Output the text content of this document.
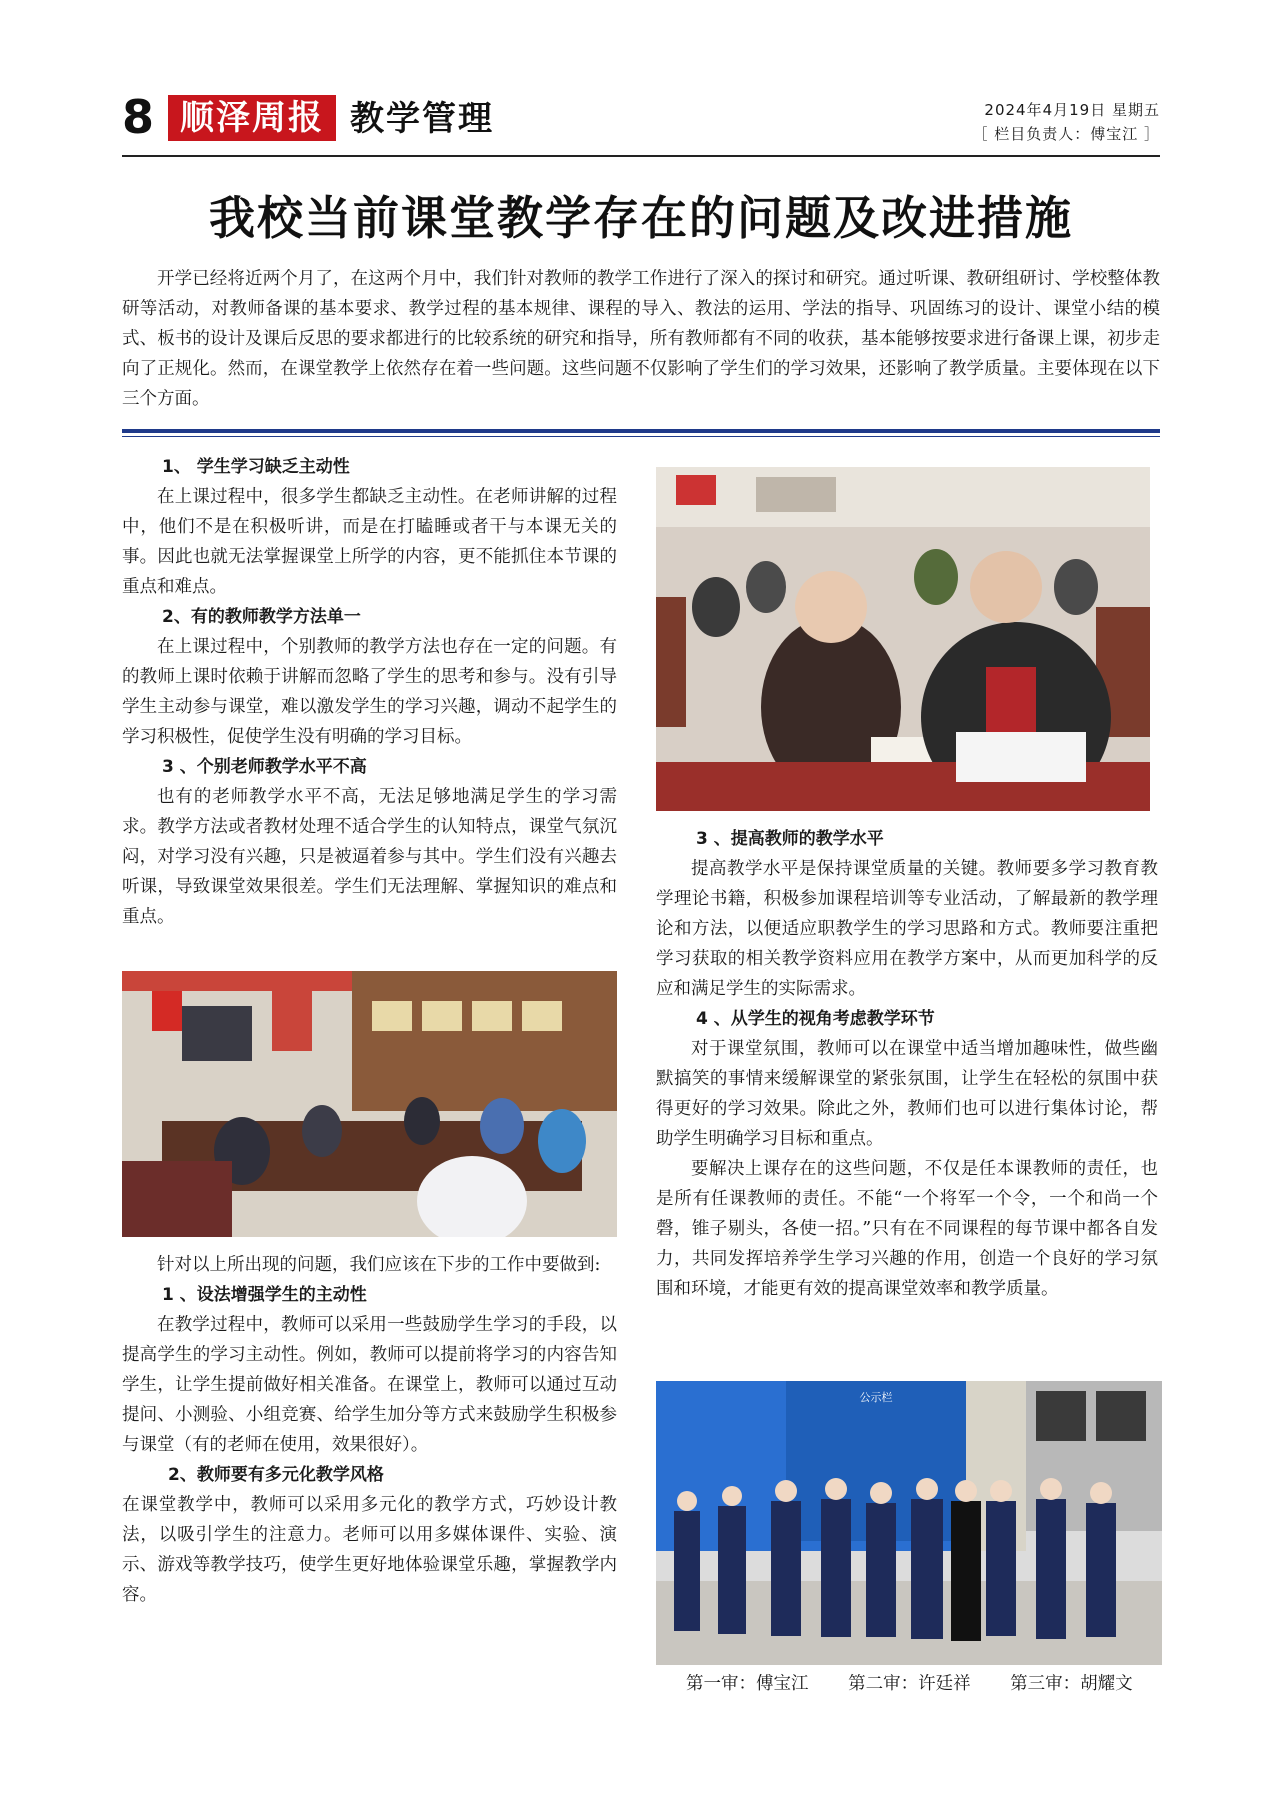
8 顺泽周报 教学管理	2024年4月19日 星期五
［ 栏目负责人：傅宝江 ］
我校当前课堂教学存在的问题及改进措施

开学已经将近两个月了，在这两个月中，我们针对教师的教学工作进行了深入的探讨和研究。通过听课、教研组研讨、学校整体教研等活动，对教师备课的基本要求、教学过程的基本规律、课程的导入、教法的运用、学法的指导、巩固练习的设计、课堂小结的模式、板书的设计及课后反思的要求都进行的比较系统的研究和指导，所有教师都有不同的收获，基本能够按要求进行备课上课，初步走向了正规化。然而，在课堂教学上依然存在着一些问题。这些问题不仅影响了学生们的学习效果，还影响了教学质量。主要体现在以下三个方面。

1、 学生学习缺乏主动性

在上课过程中，很多学生都缺乏主动性。在老师讲解的过程中，他们不是在积极听讲，而是在打瞌睡或者干与本课无关的事。因此也就无法掌握课堂上所学的内容，更不能抓住本节课的重点和难点。

2、有的教师教学方法单一

在上课过程中，个别教师的教学方法也存在一定的问题。有的教师上课时依赖于讲解而忽略了学生的思考和参与。没有引导学生主动参与课堂，难以激发学生的学习兴趣，调动不起学生的学习积极性，促使学生没有明确的学习目标。

3 、个别老师教学水平不高

也有的老师教学水平不高，无法足够地满足学生的学习需求。教学方法或者教材处理不适合学生的认知特点，课堂气氛沉闷，对学习没有兴趣，只是被逼着参与其中。学生们没有兴趣去听课，导致课堂效果很差。学生们无法理解、掌握知识的难点和重点。

针对以上所出现的问题，我们应该在下步的工作中要做到:

1 、设法增强学生的主动性

在教学过程中，教师可以采用一些鼓励学生学习的手段，以提高学生的学习主动性。例如，教师可以提前将学习的内容告知学生，让学生提前做好相关准备。在课堂上，教师可以通过互动提问、小测验、小组竞赛、给学生加分等方式来鼓励学生积极参与课堂（有的老师在使用，效果很好）。

2、教师要有多元化教学风格

在课堂教学中，教师可以采用多元化的教学方式，巧妙设计教法，以吸引学生的注意力。老师可以用多媒体课件、实验、演示、游戏等教学技巧，使学生更好地体验课堂乐趣，掌握教学内容。

3 、提高教师的教学水平

提高教学水平是保持课堂质量的关键。教师要多学习教育教学理论书籍，积极参加课程培训等专业活动，了解最新的教学理论和方法，以便适应职教学生的学习思路和方式。教师要注重把学习获取的相关教学资料应用在教学方案中，从而更加科学的反应和满足学生的实际需求。

4 、从学生的视角考虑教学环节

对于课堂氛围，教师可以在课堂中适当增加趣味性，做些幽默搞笑的事情来缓解课堂的紧张氛围，让学生在轻松的氛围中获得更好的学习效果。除此之外，教师们也可以进行集体讨论，帮助学生明确学习目标和重点。

要解决上课存在的这些问题，不仅是任本课教师的责任，也是所有任课教师的责任。不能“一个将军一个令，一个和尚一个磬，锥子剔头，各使一招。”只有在不同课程的每节课中都各自发力，共同发挥培养学生学习兴趣的作用，创造一个良好的学习氛围和环境，才能更有效的提高课堂效率和教学质量。

公示栏
第一审：傅宝江 第二审：许廷祥 第三审：胡耀文
